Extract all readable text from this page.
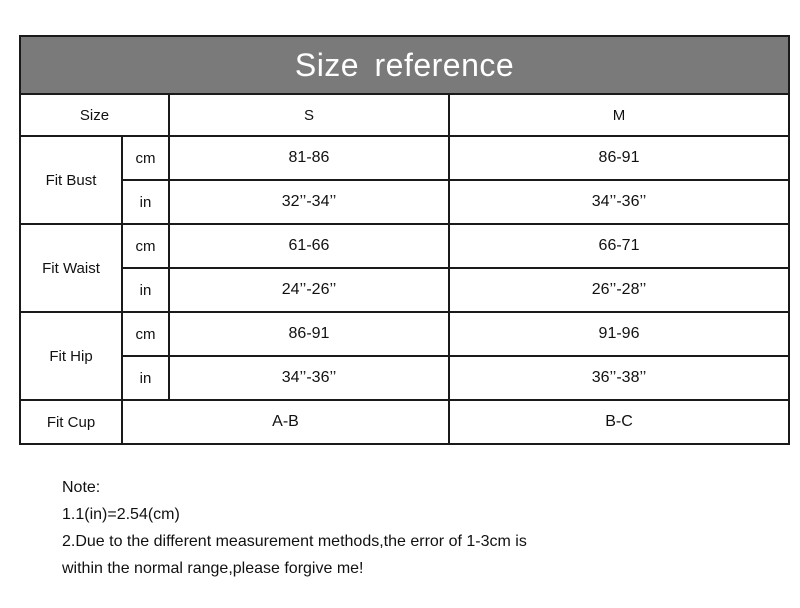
Size reference			
Size		S	M
Fit Bust	cm	81-86	86-91
	in	32’’-34’’	34’’-36’’
Fit Waist	cm	61-66	66-71
	in	24’’-26’’	26’’-28’’
Fit Hip	cm	86-91	91-96
	in	34’’-36’’	36’’-38’’
Fit Cup	A-B		B-C
Note:
1.1(in)=2.54(cm)
2.Due to the different measurement methods,the error of 1-3cm is
within the normal range,please forgive me!
